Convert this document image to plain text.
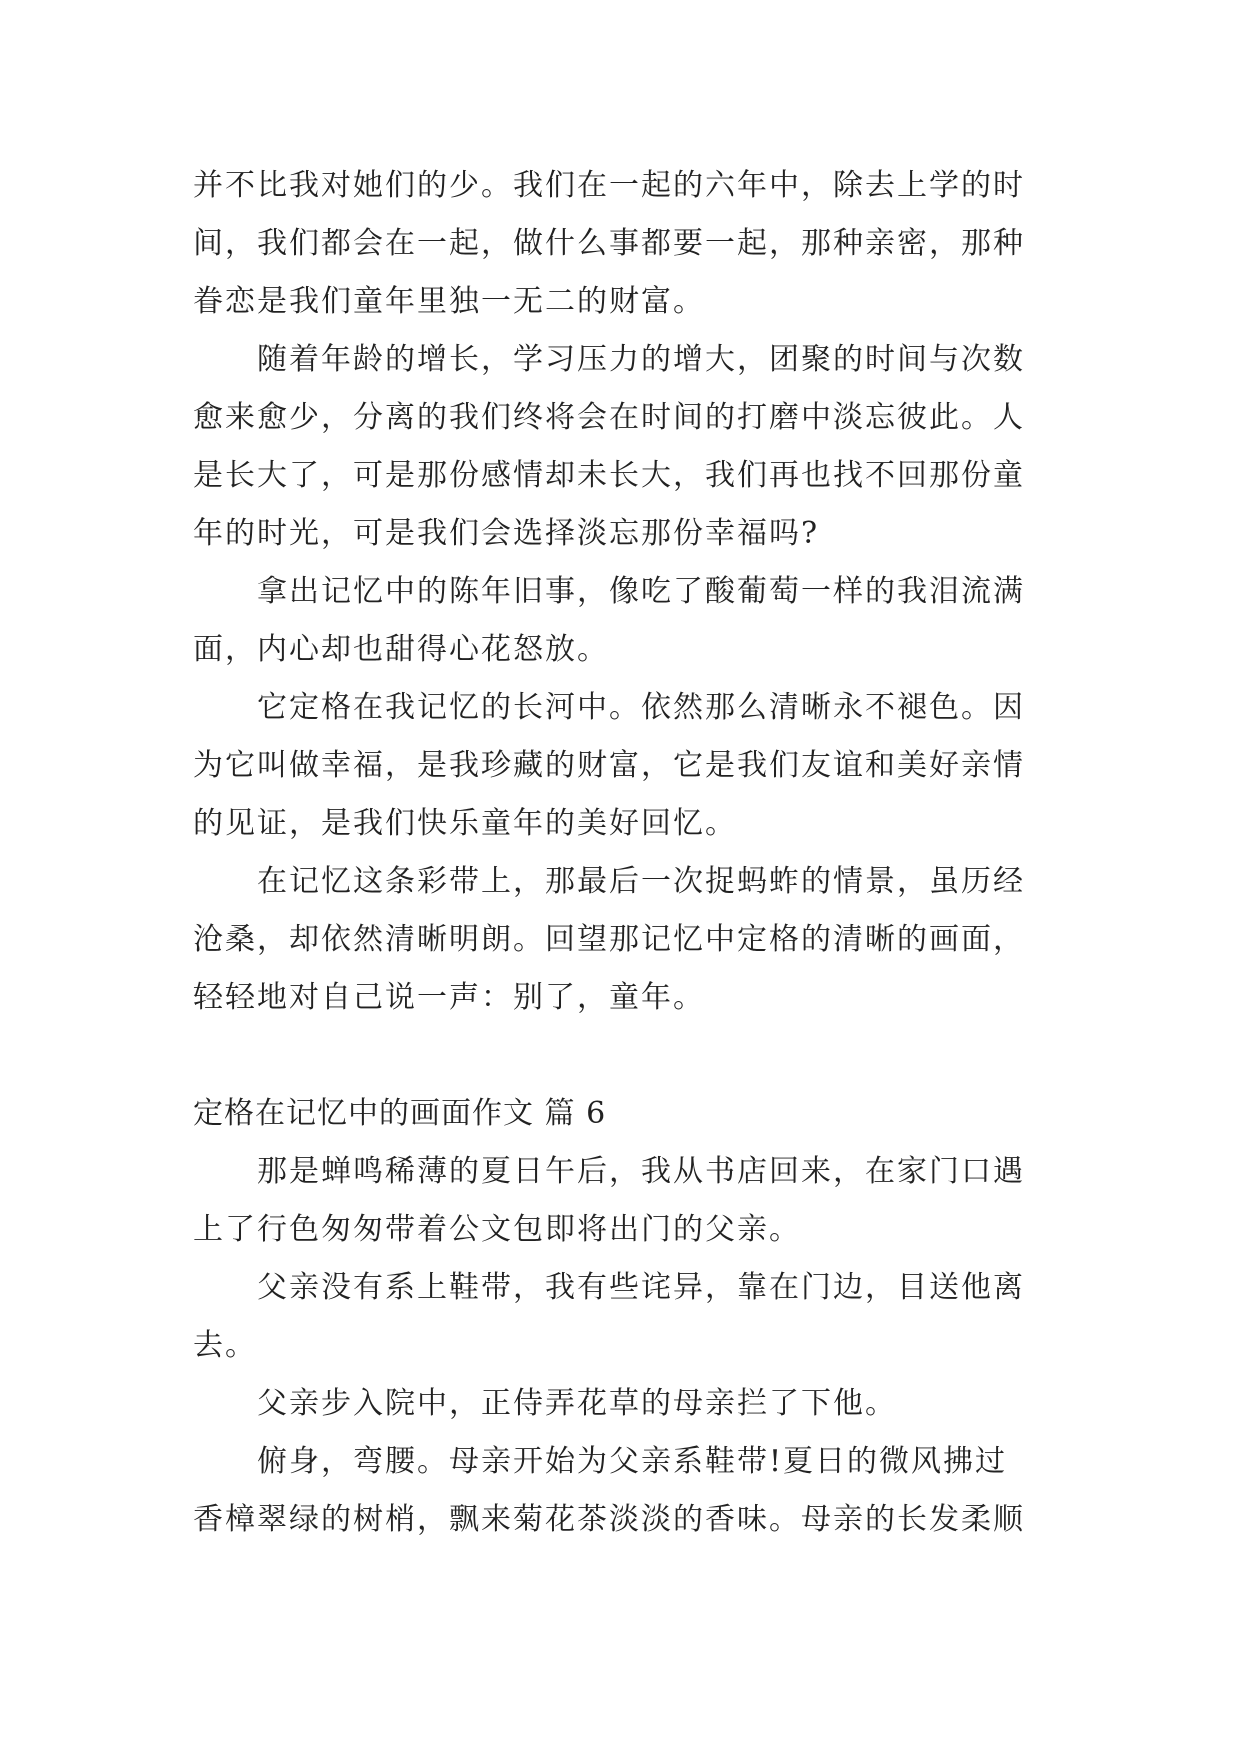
并不比我对她们的少。我们在一起的六年中，除去上学的时
间，我们都会在一起，做什么事都要一起，那种亲密，那种
眷恋是我们童年里独一无二的财富。
随着年龄的增长，学习压力的增大，团聚的时间与次数
愈来愈少，分离的我们终将会在时间的打磨中淡忘彼此。人
是长大了，可是那份感情却未长大，我们再也找不回那份童
年的时光，可是我们会选择淡忘那份幸福吗?
拿出记忆中的陈年旧事，像吃了酸葡萄一样的我泪流满
面，内心却也甜得心花怒放。
它定格在我记忆的长河中。依然那么清晰永不褪色。因
为它叫做幸福，是我珍藏的财富，它是我们友谊和美好亲情
的见证，是我们快乐童年的美好回忆。
在记忆这条彩带上，那最后一次捉蚂蚱的情景，虽历经
沧桑，却依然清晰明朗。回望那记忆中定格的清晰的画面，
轻轻地对自己说一声：别了，童年。
定格在记忆中的画面作文 篇 6
那是蝉鸣稀薄的夏日午后，我从书店回来，在家门口遇
上了行色匆匆带着公文包即将出门的父亲。
父亲没有系上鞋带，我有些诧异，靠在门边，目送他离
去。
父亲步入院中，正侍弄花草的母亲拦了下他。
俯身，弯腰。母亲开始为父亲系鞋带!夏日的微风拂过
香樟翠绿的树梢，飘来菊花茶淡淡的香味。母亲的长发柔顺
